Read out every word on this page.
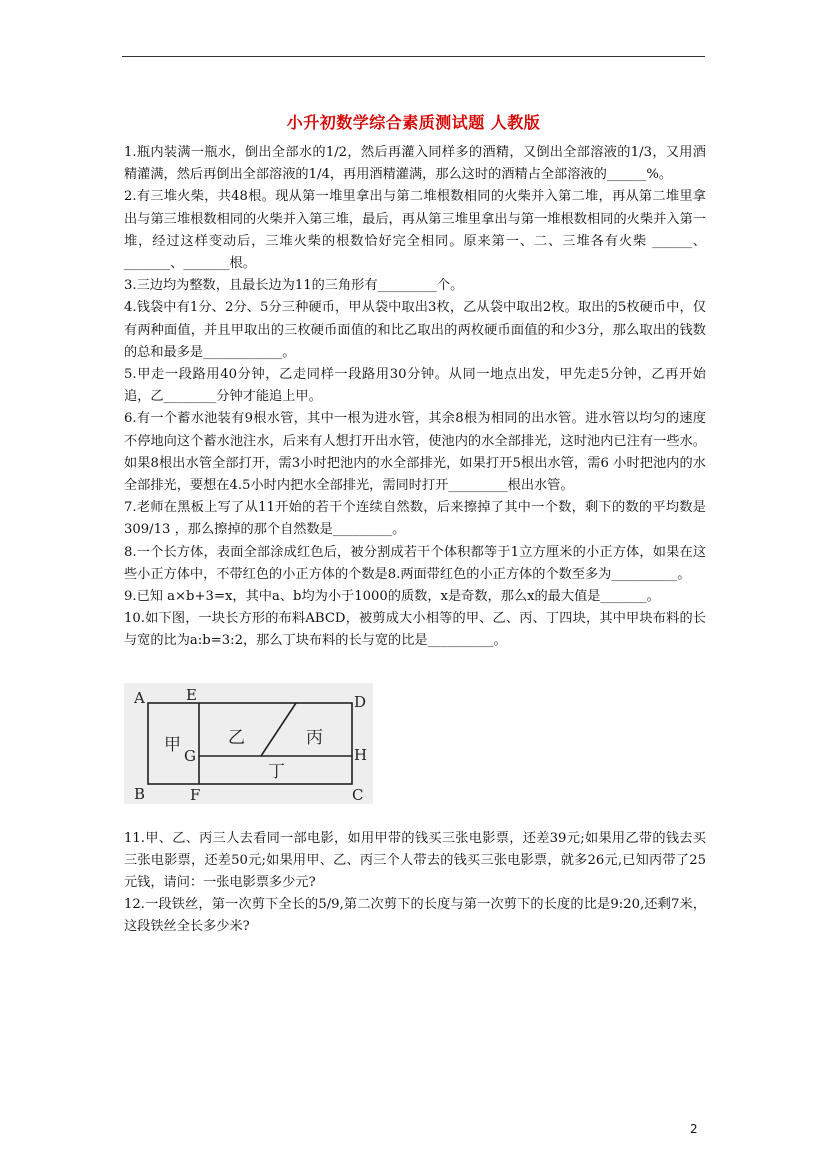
小升初数学综合素质测试题 人教版

1.瓶内装满一瓶水，倒出全部水的1/2，然后再灌入同样多的酒精，又倒出全部溶液的1/3，又用酒精灌满，然后再倒出全部溶液的1/4，再用酒精灌满，那么这时的酒精占全部溶液的______%。

2.有三堆火柴，共48根。现从第一堆里拿出与第二堆根数相同的火柴并入第二堆，再从第二堆里拿出与第三堆根数相同的火柴并入第三堆，最后，再从第三堆里拿出与第一堆根数相同的火柴并入第一堆，经过这样变动后，三堆火柴的根数恰好完全相同。原来第一、二、三堆各有火柴 ______、_______、_______根。

3.三边均为整数，且最长边为11的三角形有_________个。

4.钱袋中有1分、2分、5分三种硬币，甲从袋中取出3枚，乙从袋中取出2枚。取出的5枚硬币中，仅有两种面值，并且甲取出的三枚硬币面值的和比乙取出的两枚硬币面值的和少3分，那么取出的钱数的总和最多是____________。

5.甲走一段路用40分钟，乙走同样一段路用30分钟。从同一地点出发，甲先走5分钟，乙再开始追，乙________分钟才能追上甲。

6.有一个蓄水池装有9根水管，其中一根为进水管，其余8根为相同的出水管。进水管以均匀的速度不停地向这个蓄水池注水，后来有人想打开出水管，使池内的水全部排光，这时池内已注有一些水。如果8根出水管全部打开，需3小时把池内的水全部排光，如果打开5根出水管，需6 小时把池内的水全部排光，要想在4.5小时内把水全部排光，需同时打开_________根出水管。

7.老师在黑板上写了从11开始的若干个连续自然数，后来擦掉了其中一个数，剩下的数的平均数是309/13 ，那么擦掉的那个自然数是_________。

8.一个长方体，表面全部涂成红色后，被分割成若干个体积都等于1立方厘米的小正方体，如果在这些小正方体中，不带红色的小正方体的个数是8.两面带红色的小正方体的个数至多为__________。

9.已知 a×b+3=x，其中a、b均为小于1000的质数，x是奇数，那么x的最大值是_______。

10.如下图，一块长方形的布料ABCD，被剪成大小相等的甲、乙、丙、丁四块，其中甲块布料的长与宽的比为a:b=3:2，那么丁块布料的长与宽的比是__________。

A	E	D
G	H
B	F	C
甲	乙	丙
丁

11.甲、乙、丙三人去看同一部电影，如用甲带的钱买三张电影票，还差39元;如果用乙带的钱去买三张电影票，还差50元;如果用甲、乙、丙三个人带去的钱买三张电影票，就多26元,已知丙带了25元钱，请问：一张电影票多少元?

12.一段铁丝，第一次剪下全长的5/9,第二次剪下的长度与第一次剪下的长度的比是9:20,还剩7米，这段铁丝全长多少米?

2
